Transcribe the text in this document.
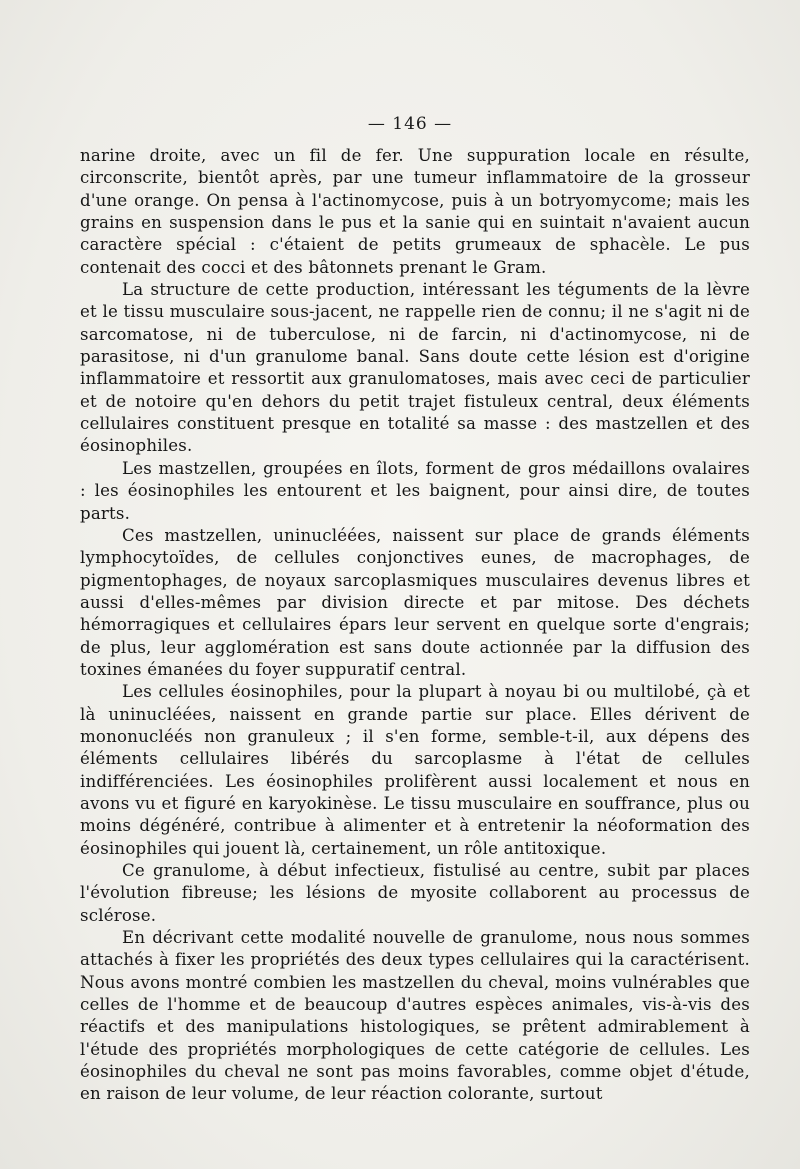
— 146 —

narine droite, avec un fil de fer. Une suppuration locale en résulte, circonscrite, bientôt après, par une tumeur inflammatoire de la grosseur d'une orange. On pensa à l'actinomycose, puis à un botryomycome; mais les grains en suspension dans le pus et la sanie qui en suintait n'avaient aucun caractère spécial : c'étaient de petits grumeaux de sphacèle. Le pus contenait des cocci et des bâtonnets prenant le Gram.

La structure de cette production, intéressant les téguments de la lèvre et le tissu musculaire sous-jacent, ne rappelle rien de connu; il ne s'agit ni de sarcomatose, ni de tuberculose, ni de farcin, ni d'actinomycose, ni de parasitose, ni d'un granulome banal. Sans doute cette lésion est d'origine inflammatoire et ressortit aux granulomatoses, mais avec ceci de particulier et de notoire qu'en dehors du petit trajet fistuleux central, deux éléments cellulaires constituent presque en totalité sa masse : des mastzellen et des éosinophiles.

Les mastzellen, groupées en îlots, forment de gros médaillons ovalaires : les éosinophiles les entourent et les baignent, pour ainsi dire, de toutes parts.

Ces mastzellen, uninucléées, naissent sur place de grands éléments lymphocytoïdes, de cellules conjonctives eunes, de macrophages, de pigmentophages, de noyaux sarcoplasmiques musculaires devenus libres et aussi d'elles-mêmes par division directe et par mitose. Des déchets hémorragiques et cellulaires épars leur servent en quelque sorte d'engrais; de plus, leur agglomération est sans doute actionnée par la diffusion des toxines émanées du foyer suppuratif central.

Les cellules éosinophiles, pour la plupart à noyau bi ou multilobé, çà et là uninucléées, naissent en grande partie sur place. Elles dérivent de mononucléés non granuleux ; il s'en forme, semble-t-il, aux dépens des éléments cellulaires libérés du sarcoplasme à l'état de cellules indifférenciées. Les éosinophiles prolifèrent aussi localement et nous en avons vu et figuré en karyokinèse. Le tissu musculaire en souffrance, plus ou moins dégénéré, contribue à alimenter et à entretenir la néoformation des éosinophiles qui jouent là, certainement, un rôle antitoxique.

Ce granulome, à début infectieux, fistulisé au centre, subit par places l'évolution fibreuse; les lésions de myosite collaborent au processus de sclérose.

En décrivant cette modalité nouvelle de granulome, nous nous sommes attachés à fixer les propriétés des deux types cellulaires qui la caractérisent. Nous avons montré combien les mastzellen du cheval, moins vulnérables que celles de l'homme et de beaucoup d'autres espèces animales, vis-à-vis des réactifs et des manipulations histologiques, se prêtent admirablement à l'étude des propriétés morphologiques de cette catégorie de cellules. Les éosinophiles du cheval ne sont pas moins favorables, comme objet d'étude, en raison de leur volume, de leur réaction colorante, surtout
